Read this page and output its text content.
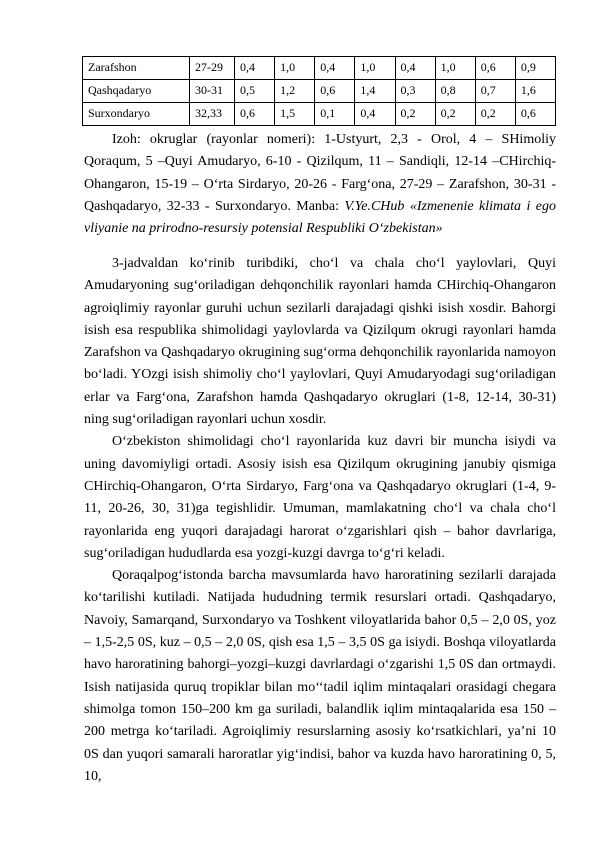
Zarafshon	27-29	0,4	1,0	0,4	1,0	0,4	1,0	0,6	0,9
Qashqadaryo	30-31	0,5	1,2	0,6	1,4	0,3	0,8	0,7	1,6
Surxondaryo	32,33	0,6	1,5	0,1	0,4	0,2	0,2	0,2	0,6

Izoh: okruglar (rayonlar nomeri): 1-Ustyurt, 2,3 - Orol, 4 – SHimoliy Qoraqum, 5 –Quyi Amudaryo, 6-10 - Qizilqum, 11 – Sandiqli, 12-14 –CHirchiq-Ohangaron, 15-19 – O‘rta Sirdaryo, 20-26 - Farg‘ona, 27-29 – Zarafshon, 30-31 - Qashqadaryo, 32-33 - Surxondaryo. Manba: V.Ye.CHub «Izmenenie klimata i ego vliyanie na prirodno-resursiy potensial Respubliki O‘zbekistan»

3-jadvaldan ko‘rinib turibdiki, cho‘l va chala cho‘l yaylovlari, Quyi Amudaryoning sug‘oriladigan dehqonchilik rayonlari hamda CHirchiq-Ohangaron agroiqlimiy rayonlar guruhi uchun sezilarli darajadagi qishki isish xosdir. Bahorgi isish esa respublika shimolidagi yaylovlarda va Qizilqum okrugi rayonlari hamda Zarafshon va Qashqadaryo okrugining sug‘orma dehqonchilik rayonlarida namoyon bo‘ladi. YOzgi isish shimoliy cho‘l yaylovlari, Quyi Amudaryodagi sug‘oriladigan erlar va Farg‘ona, Zarafshon hamda Qashqadaryo okruglari (1-8, 12-14, 30-31) ning sug‘oriladigan rayonlari uchun xosdir.

O‘zbekiston shimolidagi cho‘l rayonlarida kuz davri bir muncha isiydi va uning davomiyligi ortadi. Asosiy isish esa Qizilqum okrugining janubiy qismiga CHirchiq-Ohangaron, O‘rta Sirdaryo, Farg‘ona va Qashqadaryo okruglari (1-4, 9-11, 20-26, 30, 31)ga tegishlidir. Umuman, mamlakatning cho‘l va chala cho‘l rayonlarida eng yuqori darajadagi harorat o‘zgarishlari qish – bahor davrlariga, sug‘oriladigan hududlarda esa yozgi-kuzgi davrga to‘g‘ri keladi.

Qoraqalpog‘istonda barcha mavsumlarda havo haroratining sezilarli darajada ko‘tarilishi kutiladi. Natijada hududning termik resurslari ortadi. Qashqadaryo, Navoiy, Samarqand, Surxondaryo va Toshkent viloyatlarida bahor 0,5 – 2,0 0S, yoz – 1,5-2,5 0S, kuz – 0,5 – 2,0 0S, qish esa 1,5 – 3,5 0S ga isiydi. Boshqa viloyatlarda havo haroratining bahorgi–yozgi–kuzgi davrlardagi o‘zgarishi 1,5 0S dan ortmaydi. Isish natijasida quruq tropiklar bilan mo‘‘tadil iqlim mintaqalari orasidagi chegara shimolga tomon 150–200 km ga suriladi, balandlik iqlim mintaqalarida esa 150 – 200 metrga ko‘tariladi. Agroiqlimiy resurslarning asosiy ko‘rsatkichlari, ya’ni 10 0S dan yuqori samarali haroratlar yig‘indisi, bahor va kuzda havo haroratining 0, 5, 10,
